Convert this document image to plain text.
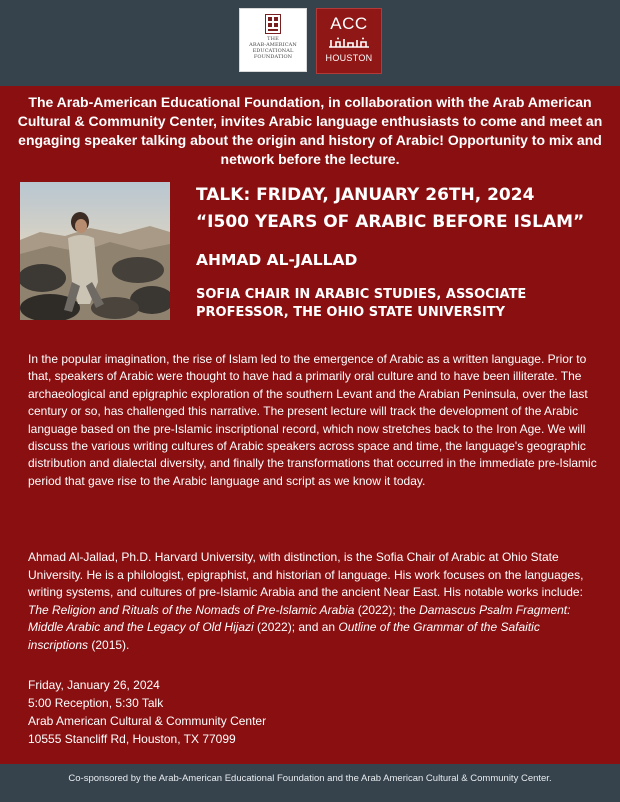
THE
ARAB-AMERICAN
EDUCATIONAL
FOUNDATION
ACC
HOUSTON

The Arab-American Educational Foundation, in collaboration with the Arab American Cultural & Community Center, invites Arabic language enthusiasts to come and meet an engaging speaker talking about the origin and history of Arabic! Opportunity to mix and network before the lecture.

TALK: FRIDAY, JANUARY 26TH, 2024
“I500 YEARS OF ARABIC BEFORE ISLAM”
AHMAD AL-JALLAD
SOFIA CHAIR IN ARABIC STUDIES, ASSOCIATE PROFESSOR, THE OHIO STATE UNIVERSITY

In the popular imagination, the rise of Islam led to the emergence of Arabic as a written language. Prior to that, speakers of Arabic were thought to have had a primarily oral culture and to have been illiterate. The archaeological and epigraphic exploration of the southern Levant and the Arabian Peninsula, over the last century or so, has challenged this narrative. The present lecture will track the development of the Arabic language based on the pre-Islamic inscriptional record, which now stretches back to the Iron Age. We will discuss the various writing cultures of Arabic speakers across space and time, the language's geographic distribution and dialectal diversity, and finally the transformations that occurred in the immediate pre-Islamic period that gave rise to the Arabic language and script as we know it today.

Ahmad Al-Jallad, Ph.D. Harvard University, with distinction, is the Sofia Chair of Arabic at Ohio State University. He is a philologist, epigraphist, and historian of language. His work focuses on the languages, writing systems, and cultures of pre-Islamic Arabia and the ancient Near East. His notable works include: The Religion and Rituals of the Nomads of Pre-Islamic Arabia (2022); the Damascus Psalm Fragment: Middle Arabic and the Legacy of Old Hijazi (2022); and an Outline of the Grammar of the Safaitic inscriptions (2015).

Friday, January 26, 2024
5:00 Reception, 5:30 Talk
Arab American Cultural & Community Center
10555 Stancliff Rd, Houston, TX 77099
Co-sponsored by the Arab-American Educational Foundation and the Arab American Cultural & Community Center.
